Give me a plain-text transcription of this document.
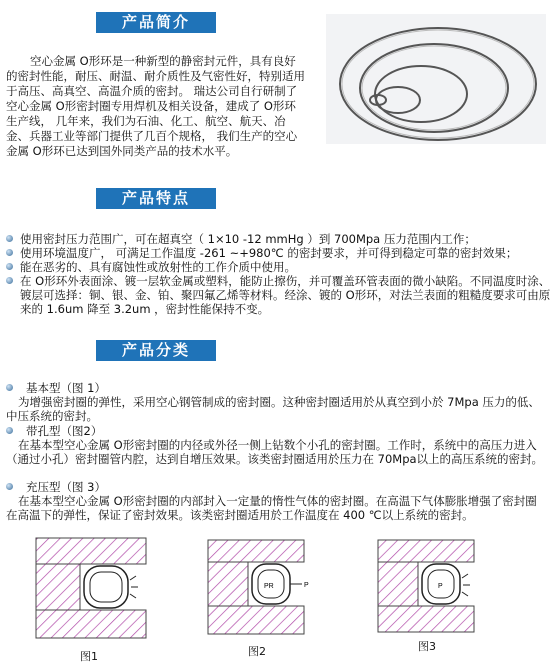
产品简介

空心金属 O形环是一种新型的静密封元件，具有良好的密封性能，耐压、耐温、耐介质性及气密性好，特别适用于高压、高真空、高温介质的密封。 瑞达公司自行研制了空心金属 O形密封圈专用焊机及相关设备，建成了 O形环生产线， 几年来，我们为石油、化工、航空、航天、冶金、兵器工业等部门提供了几百个规格， 我们生产的空心金属 O形环已达到国外同类产品的技术水平。

产品特点
使用密封压力范围广，可在超真空（ 1×10 -12 mmHg ）到 700Mpa 压力范围内工作；
使用环境温度广， 可满足工作温度 -261 ~+980℃ 的密封要求，并可得到稳定可靠的密封效果；
能在恶劣的、具有腐蚀性或放射性的工作介质中使用。
在 O形环外表面涂、镀一层软金属或塑料，能防止擦伤，并可覆盖环管表面的微小缺陷。不同温度时涂、镀层可选择：铜、银、金、铂、聚四氟乙烯等材料。经涂、镀的 O形环，对法兰表面的粗糙度要求可由原来的 1.6um 降至 3.2um ，密封性能保持不变。
产品分类
基本型（图 1）
为增强密封圈的弹性，采用空心钢管制成的密封圈。这种密封圈适用於从真空到小於 7Mpa 压力的低、中压系统的密封。
带孔型（图2）
在基本型空心金属 O形密封圈的内径或外径一侧上钻数个小孔的密封圈。工作时，系统中的高压力进入（通过小孔）密封圈管内腔，达到自增压效果。该类密封圈适用於压力在 70Mpa以上的高压系统的密封。
充压型（图 3）
在基本型空心金属 O形密封圈的内部封入一定量的惰性气体的密封圈。在高温下气体膨胀增强了密封圈在高温下的弹性，保证了密封效果。该类密封圈适用於工作温度在 400 ℃以上系统的密封。
PR	P	P
图1	图2	图3
